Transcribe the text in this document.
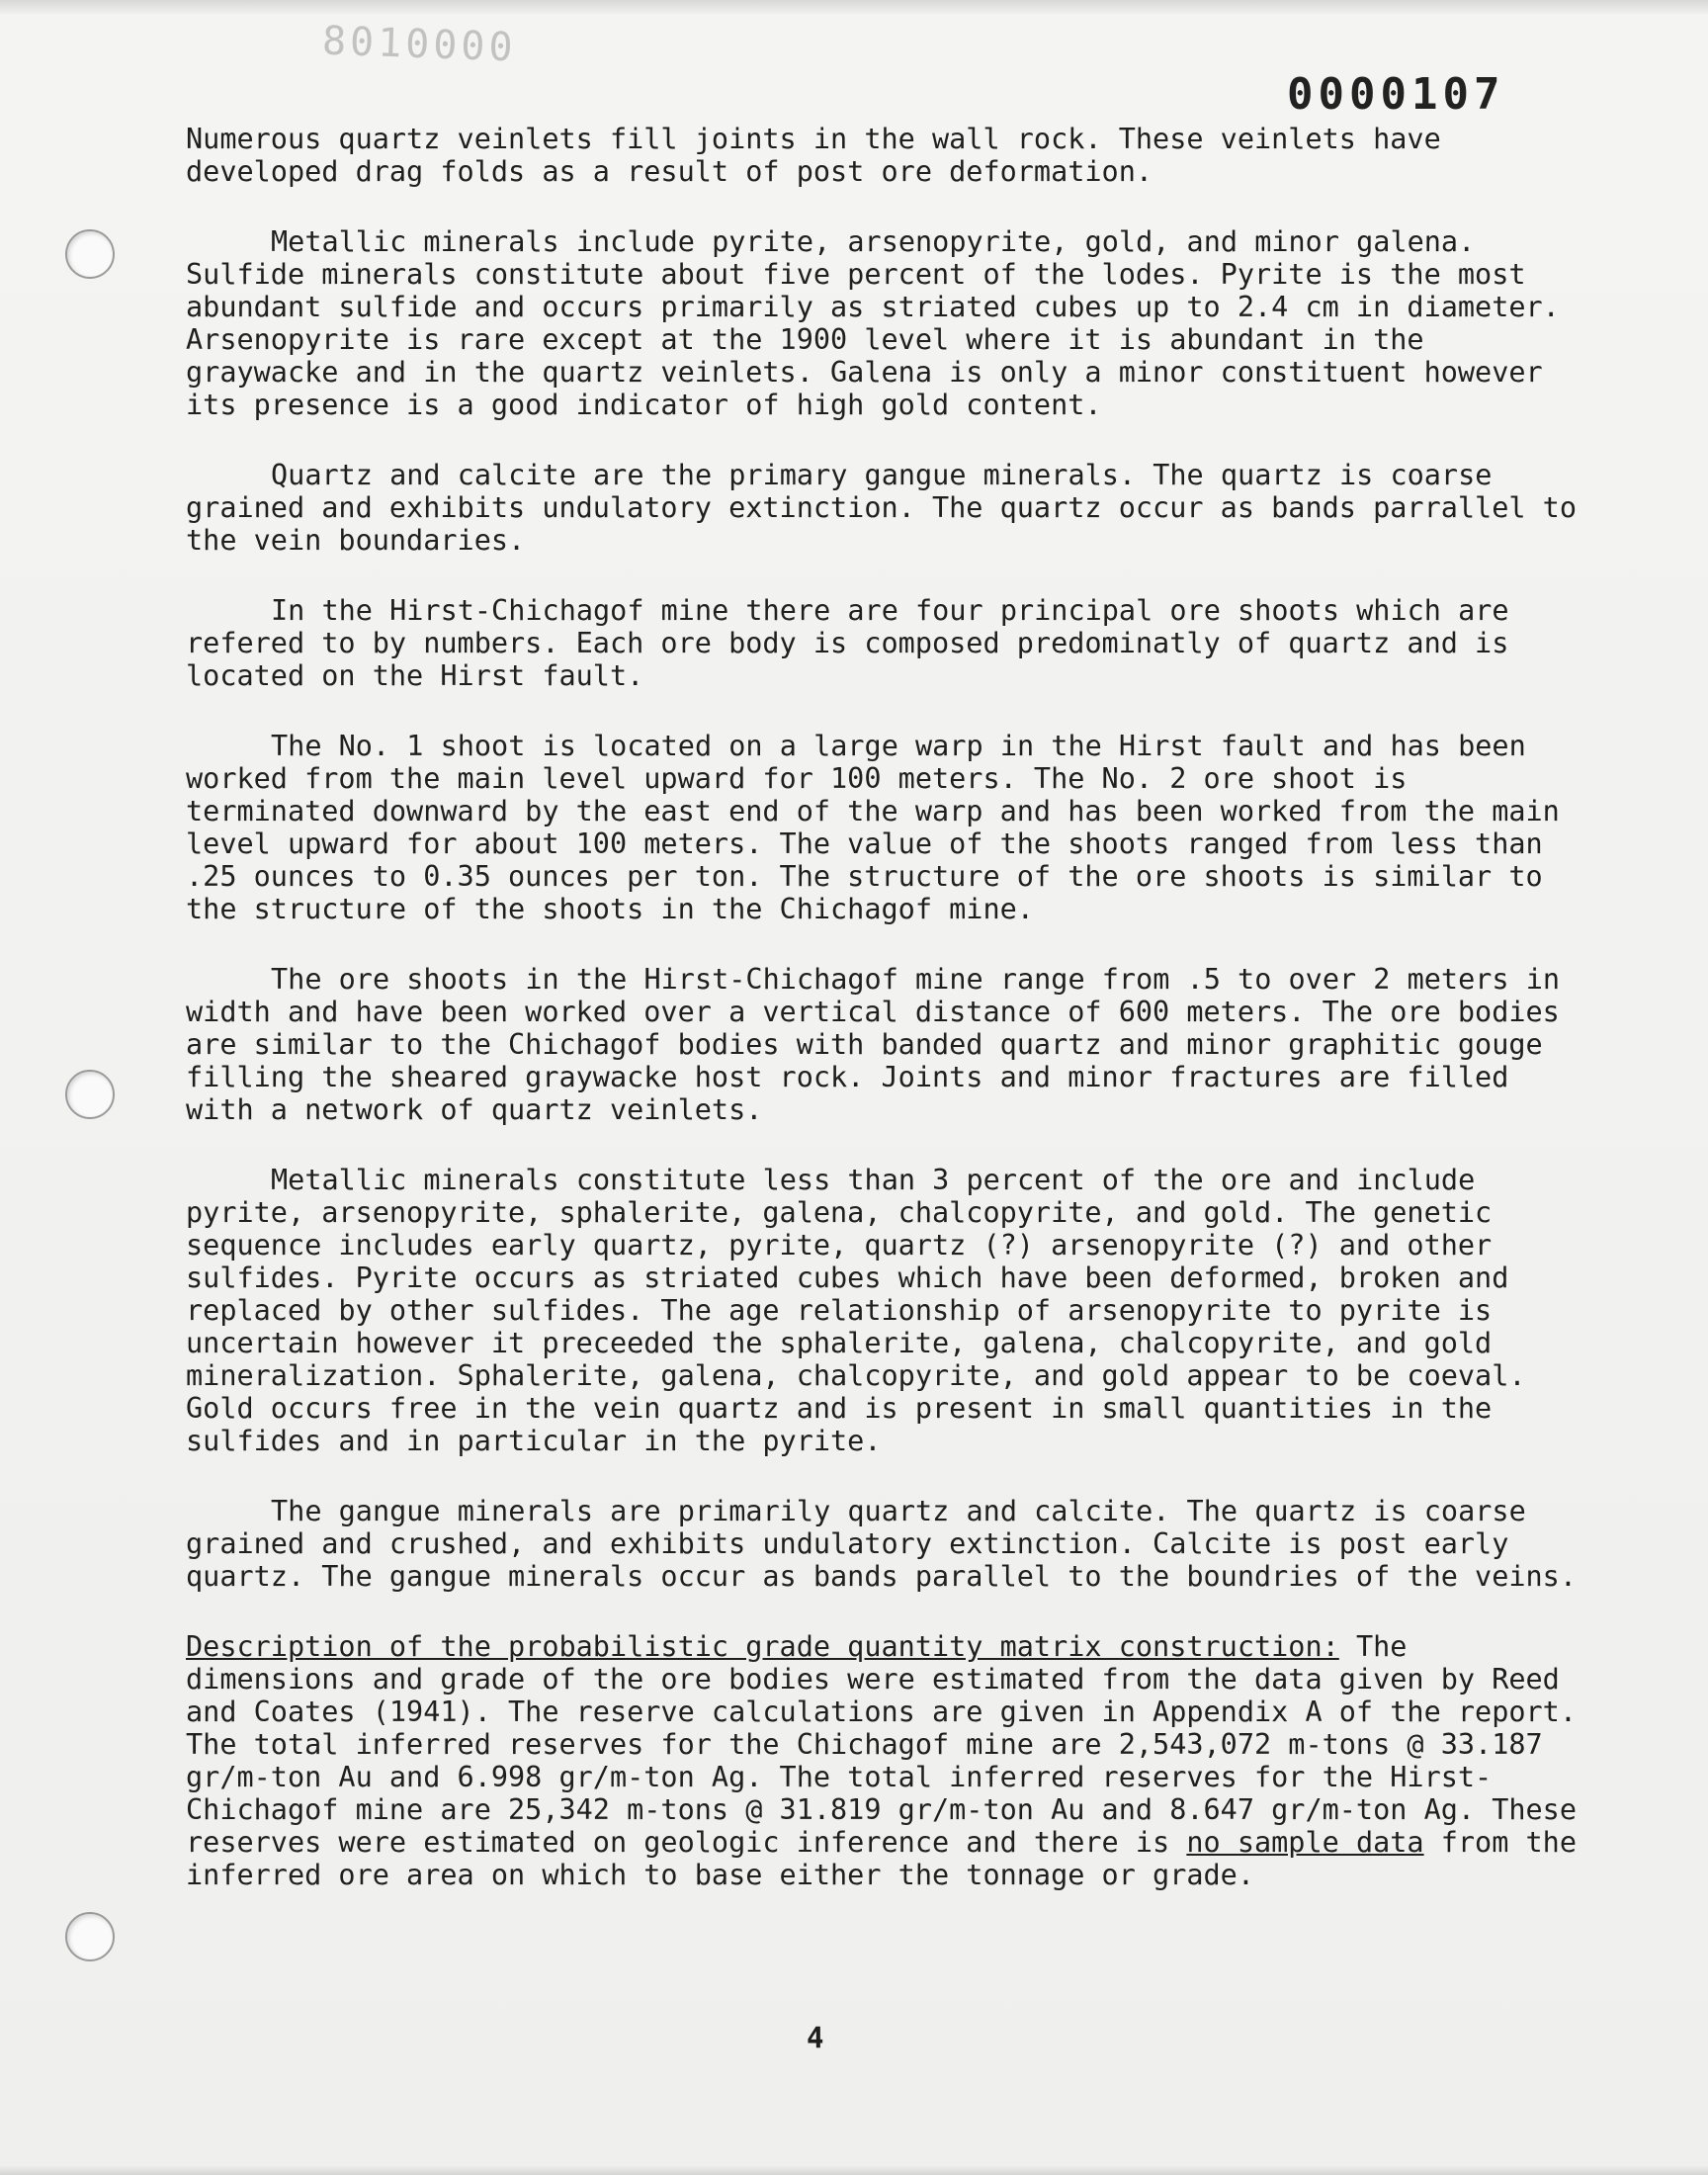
8010000
0000107

Numerous quartz veinlets fill joints in the wall rock. These veinlets have developed drag folds as a result of post ore deformation.

Metallic minerals include pyrite, arsenopyrite, gold, and minor galena. Sulfide minerals constitute about five percent of the lodes. Pyrite is the most abundant sulfide and occurs primarily as striated cubes up to 2.4 cm in diameter. Arsenopyrite is rare except at the 1900 level where it is abundant in the graywacke and in the quartz veinlets. Galena is only a minor constituent however its presence is a good indicator of high gold content.

Quartz and calcite are the primary gangue minerals. The quartz is coarse grained and exhibits undulatory extinction. The quartz occur as bands parrallel to the vein boundaries.

In the Hirst-Chichagof mine there are four principal ore shoots which are refered to by numbers. Each ore body is composed predominatly of quartz and is located on the Hirst fault.

The No. 1 shoot is located on a large warp in the Hirst fault and has been worked from the main level upward for 100 meters. The No. 2 ore shoot is terminated downward by the east end of the warp and has been worked from the main level upward for about 100 meters. The value of the shoots ranged from less than .25 ounces to 0.35 ounces per ton. The structure of the ore shoots is similar to the structure of the shoots in the Chichagof mine.

The ore shoots in the Hirst-Chichagof mine range from .5 to over 2 meters in width and have been worked over a vertical distance of 600 meters. The ore bodies are similar to the Chichagof bodies with banded quartz and minor graphitic gouge filling the sheared graywacke host rock. Joints and minor fractures are filled with a network of quartz veinlets.

Metallic minerals constitute less than 3 percent of the ore and include pyrite, arsenopyrite, sphalerite, galena, chalcopyrite, and gold. The genetic sequence includes early quartz, pyrite, quartz (?) arsenopyrite (?) and other sulfides. Pyrite occurs as striated cubes which have been deformed, broken and replaced by other sulfides. The age relationship of arsenopyrite to pyrite is uncertain however it preceeded the sphalerite, galena, chalcopyrite, and gold mineralization. Sphalerite, galena, chalcopyrite, and gold appear to be coeval. Gold occurs free in the vein quartz and is present in small quantities in the sulfides and in particular in the pyrite.

The gangue minerals are primarily quartz and calcite. The quartz is coarse grained and crushed, and exhibits undulatory extinction. Calcite is post early quartz. The gangue minerals occur as bands parallel to the boundries of the veins.

Description of the probabilistic grade quantity matrix construction: The dimensions and grade of the ore bodies were estimated from the data given by Reed and Coates (1941). The reserve calculations are given in Appendix A of the report. The total inferred reserves for the Chichagof mine are 2,543,072 m-tons @ 33.187 gr/m-ton Au and 6.998 gr/m-ton Ag. The total inferred reserves for the Hirst-Chichagof mine are 25,342 m-tons @ 31.819 gr/m-ton Au and 8.647 gr/m-ton Ag. These reserves were estimated on geologic inference and there is no sample data from the inferred ore area on which to base either the tonnage or grade.

4
